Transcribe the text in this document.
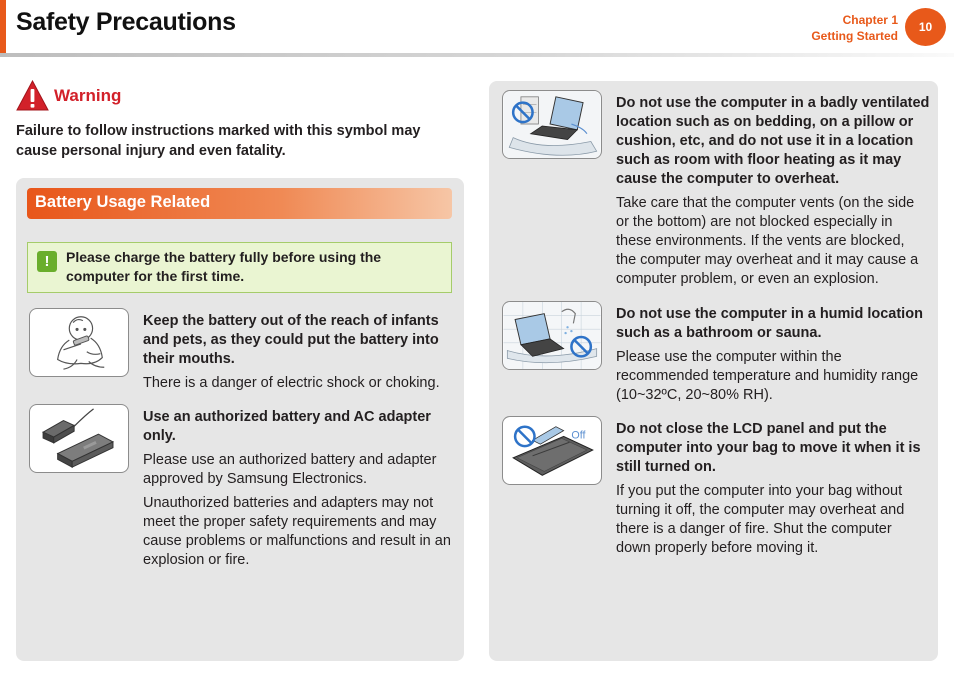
Safety Precautions	Chapter 1
Getting Started
10
Warning
Failure to follow instructions marked with this symbol may cause personal injury and even fatality.
Battery Usage Related
!	Please charge the battery fully before using the computer for the first time.
Keep the battery out of the reach of infants and pets, as they could put the battery into their mouths.
There is a danger of electric shock or choking.
Use an authorized battery and AC adapter only.
Please use an authorized battery and adapter approved by Samsung Electronics.
Unauthorized batteries and adapters may not meet the proper safety requirements and may cause problems or malfunctions and result in an explosion or fire.
Do not use the computer in a badly ventilated location such as on bedding, on a pillow or cushion, etc, and do not use it in a location such as room with floor heating as it may cause the computer to overheat.
Take care that the computer vents (on the side or the bottom) are not blocked especially in these environments. If the vents are blocked, the computer may overheat and it may cause a computer problem, or even an explosion.
Do not use the computer in a humid location such as a bathroom or sauna.
Please use the computer within the recommended temperature and humidity range (10~32ºC, 20~80% RH).
Off Do not close the LCD panel and put the computer into your bag to move it when it is still turned on.
If you put the computer into your bag without turning it off, the computer may overheat and there is a danger of fire. Shut the computer down properly before moving it.
